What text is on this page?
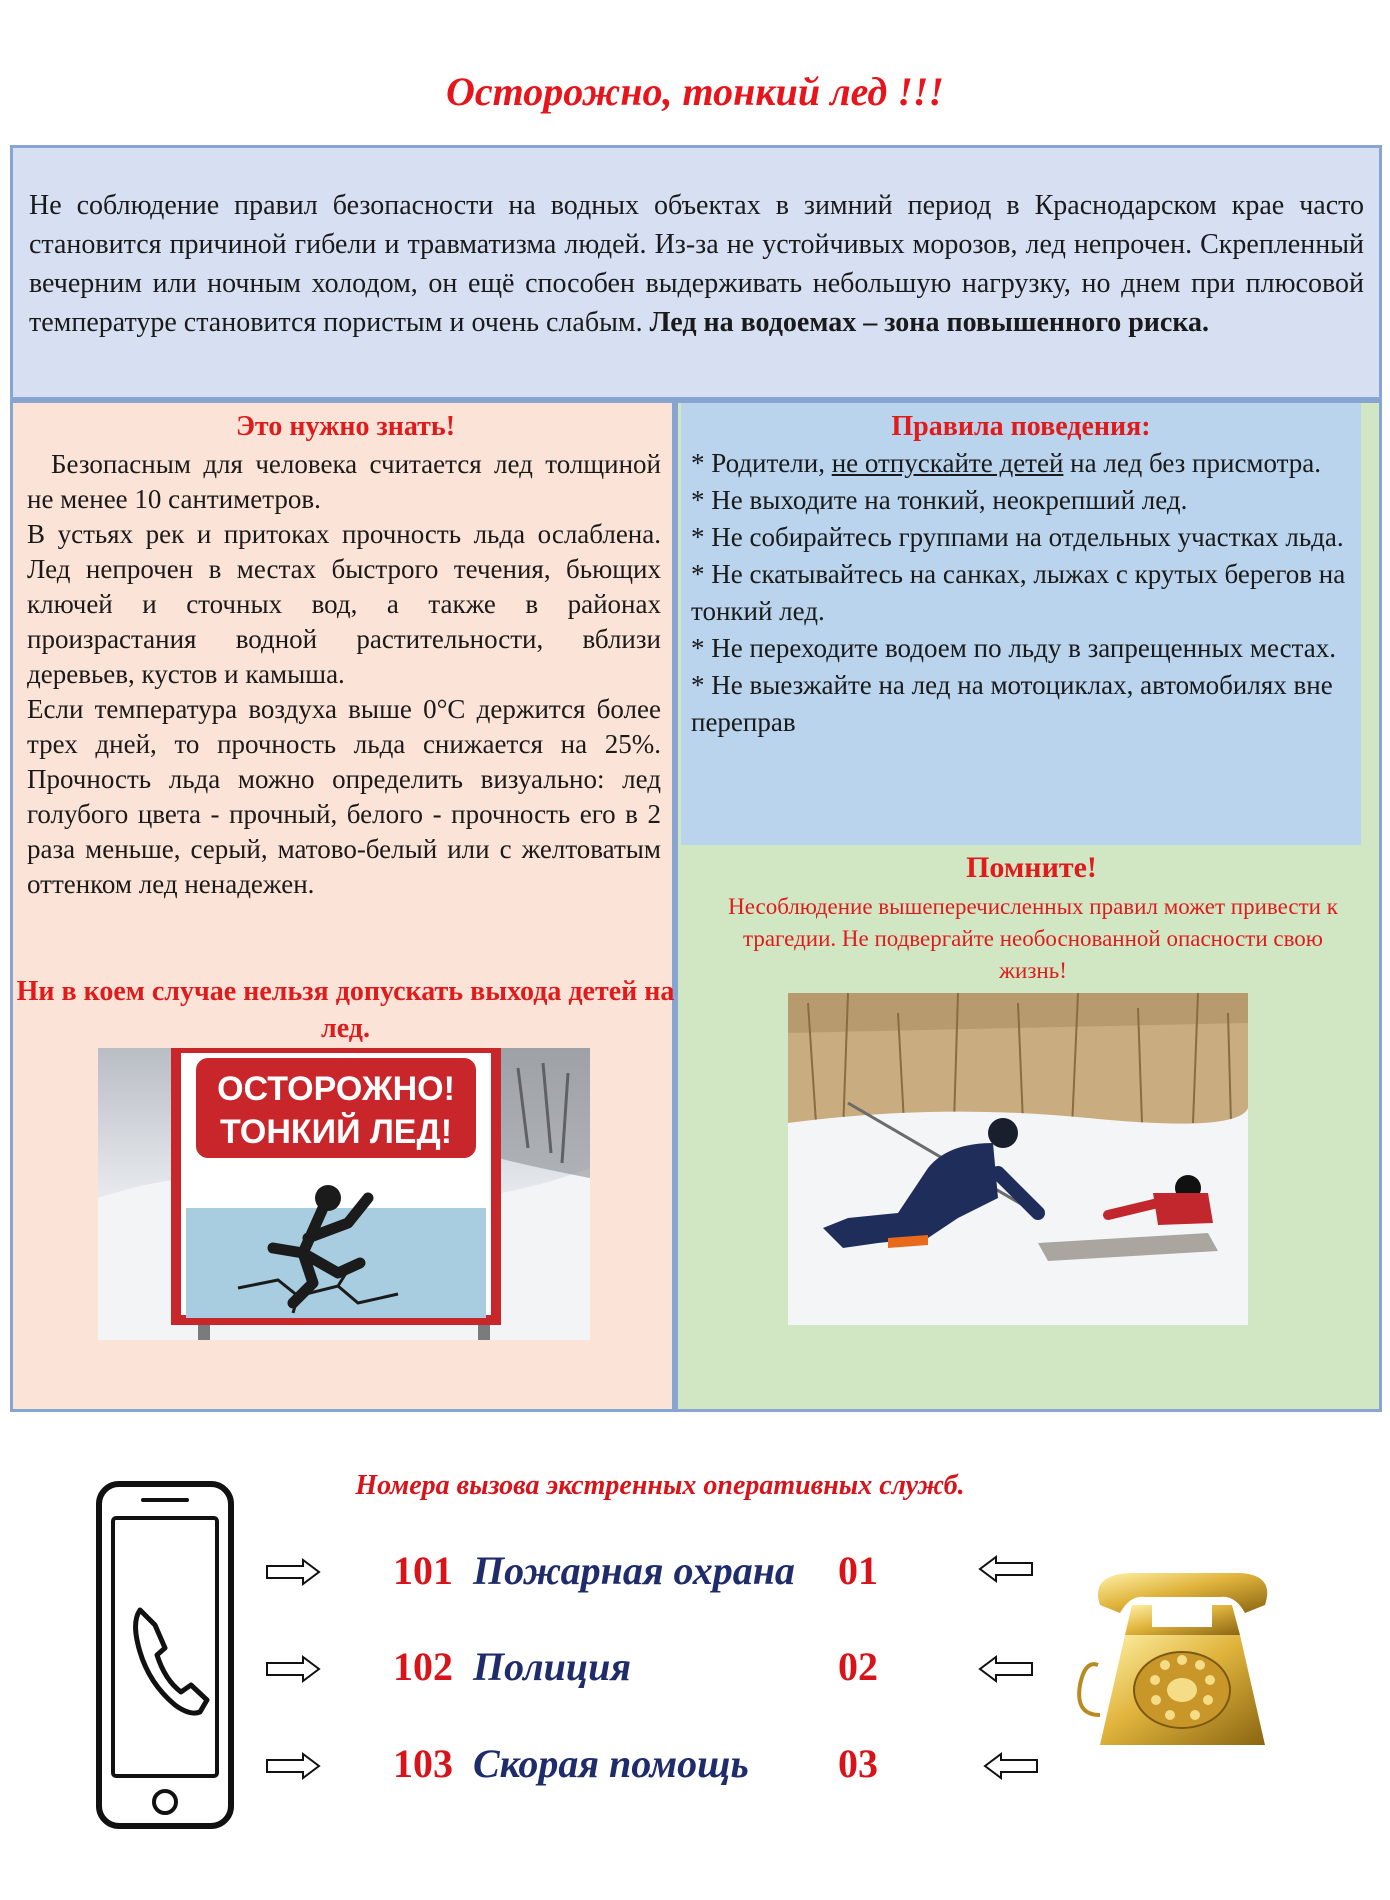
Осторожно, тонкий лед !!!
Не соблюдение правил безопасности на водных объектах в зимний период в Краснодарском крае часто становится причиной гибели и травматизма людей. Из-за не устойчивых морозов, лед непрочен. Скрепленный вечерним или ночным холодом, он ещё способен выдерживать небольшую нагрузку, но днем при плюсовой температуре становится пористым и очень слабым. Лед на водоемах – зона повышенного риска.
Это нужно знать!
Безопасным для человека считается лед толщиной не менее 10 сантиметров.
В устьях рек и притоках прочность льда ослаблена. Лед непрочен в местах быстрого течения, бьющих ключей и сточных вод, а также в районах произрастания водной растительности, вблизи деревьев, кустов и камыша.
Если температура воздуха выше 0°С держится более трех дней, то прочность льда снижается на 25%. Прочность льда можно определить визуально: лед голубого цвета - прочный, белого - прочность его в 2 раза меньше, серый, матово-белый или с желтоватым оттенком лед ненадежен.
Ни в коем случае нельзя допускать выхода детей на лед.
ОСТОРОЖНО!
ТОНКИЙ ЛЕД!
Правила поведения:
* Родители, не отпускайте детей на лед без присмотра.
* Не выходите на тонкий, неокрепший лед.
* Не собирайтесь группами на отдельных участках льда.
* Не скатывайтесь на санках, лыжах с крутых берегов на тонкий лед.
* Не переходите водоем по льду в запрещенных местах.
* Не выезжайте на лед на мотоциклах, автомобилях вне переправ
Помните!
Несоблюдение вышеперечисленных правил может привести к трагедии. Не подвергайте необоснованной опасности свою жизнь!
Номера вызова экстренных оперативных служб.
101 Пожарная охрана 01
102 Полиция	02
103 Скорая помощь 03
